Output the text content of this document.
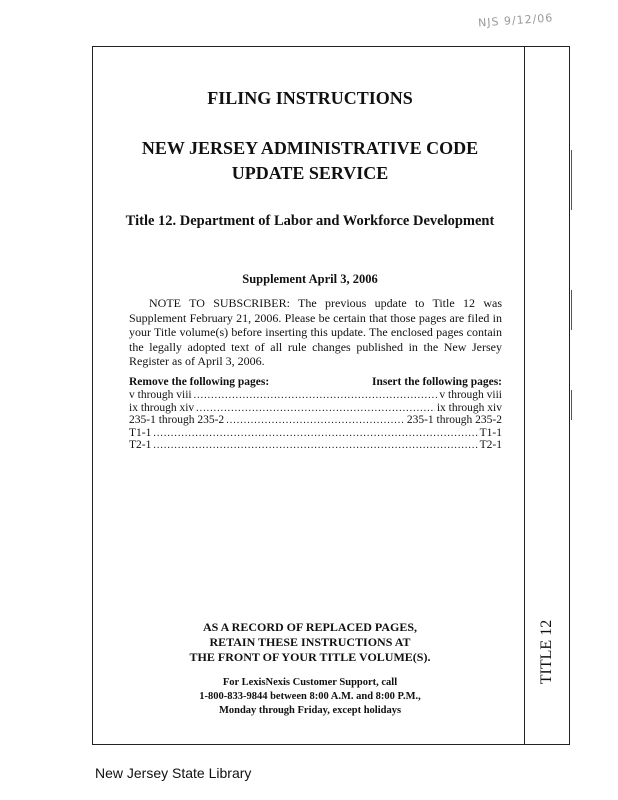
NJS 9/12/06
TITLE 12
FILING INSTRUCTIONS
NEW JERSEY ADMINISTRATIVE CODE
UPDATE SERVICE
Title 12. Department of Labor and Workforce Development
Supplement April 3, 2006
NOTE TO SUBSCRIBER: The previous update to Title 12 was Supplement February 21, 2006. Please be certain that those pages are filed in your Title volume(s) before inserting this update. The enclosed pages contain the legally adopted text of all rule changes published in the New Jersey Register as of April 3, 2006.
Remove the following pages:	Insert the following pages:
v through viii .....	v through viii
ix through xiv .....	ix through xiv
235-1 through 235-2 .....	235-1 through 235-2
T1-1 .....	T1-1
T2-1 .....	T2-1
AS A RECORD OF REPLACED PAGES,
RETAIN THESE INSTRUCTIONS AT
THE FRONT OF YOUR TITLE VOLUME(S).
For LexisNexis Customer Support, call
1-800-833-9844 between 8:00 A.M. and 8:00 P.M.,
Monday through Friday, except holidays
New Jersey State Library
